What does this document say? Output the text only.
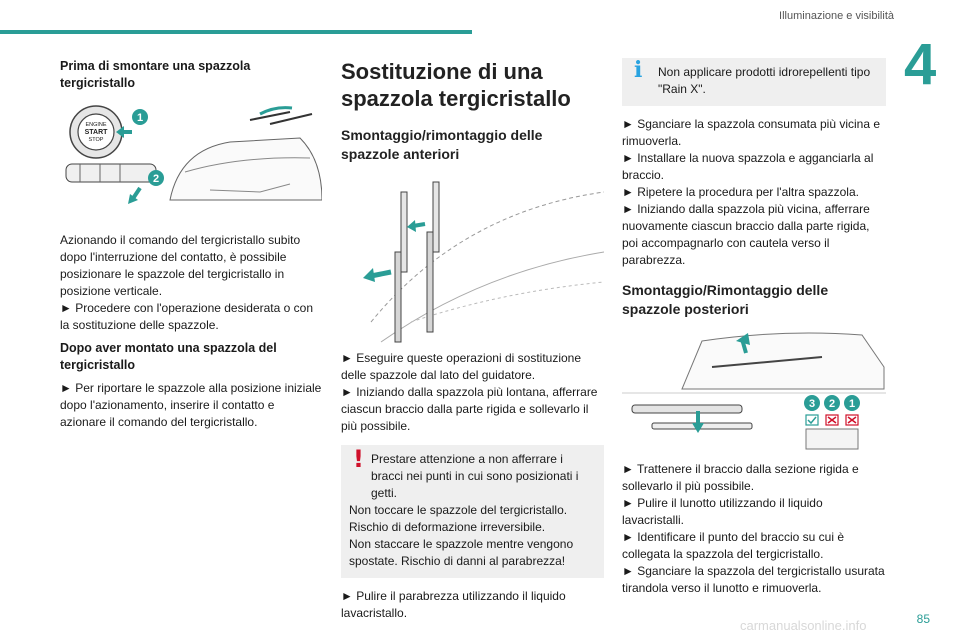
Illuminazione e visibilità
4

Prima di smontare una spazzola tergicristallo

ENGINE
START
STOP
1
2

Azionando il comando del tergicristallo subito dopo l'interruzione del contatto, è possibile posizionare le spazzole del tergicristallo in posizione verticale.

► Procedere con l'operazione desiderata o con la sostituzione delle spazzole.

Dopo aver montato una spazzola del tergicristallo

► Per riportare le spazzole alla posizione iniziale dopo l'azionamento, inserire il contatto e azionare il comando del tergicristallo.

Sostituzione di una spazzola tergicristallo

Smontaggio/rimontaggio delle spazzole anteriori

► Eseguire queste operazioni di sostituzione delle spazzole dal lato del guidatore.

► Iniziando dalla spazzola più lontana, afferrare ciascun braccio dalla parte rigida e sollevarlo il più possibile.

! Prestare attenzione a non afferrare i bracci nei punti in cui sono posizionati i getti.

Non toccare le spazzole del tergicristallo. Rischio di deformazione irreversibile.

Non staccare le spazzole mentre vengono spostate. Rischio di danni al parabrezza!

► Pulire il parabrezza utilizzando il liquido lavacristallo.

i Non applicare prodotti idrorepellenti tipo "Rain X".

► Sganciare la spazzola consumata più vicina e rimuoverla.

► Installare la nuova spazzola e agganciarla al braccio.

► Ripetere la procedura per l'altra spazzola.

► Iniziando dalla spazzola più vicina, afferrare nuovamente ciascun braccio dalla parte rigida, poi accompagnarlo con cautela verso il parabrezza.

Smontaggio/Rimontaggio delle spazzole posteriori

3 2 1

► Trattenere il braccio dalla sezione rigida e sollevarlo il più possibile.

► Pulire il lunotto utilizzando il liquido lavacristalli.

► Identificare il punto del braccio su cui è collegata la spazzola del tergicristallo.

► Sganciare la spazzola del tergicristallo usurata tirandola verso il lunotto e rimuoverla.

carmanualsonline.info	85
